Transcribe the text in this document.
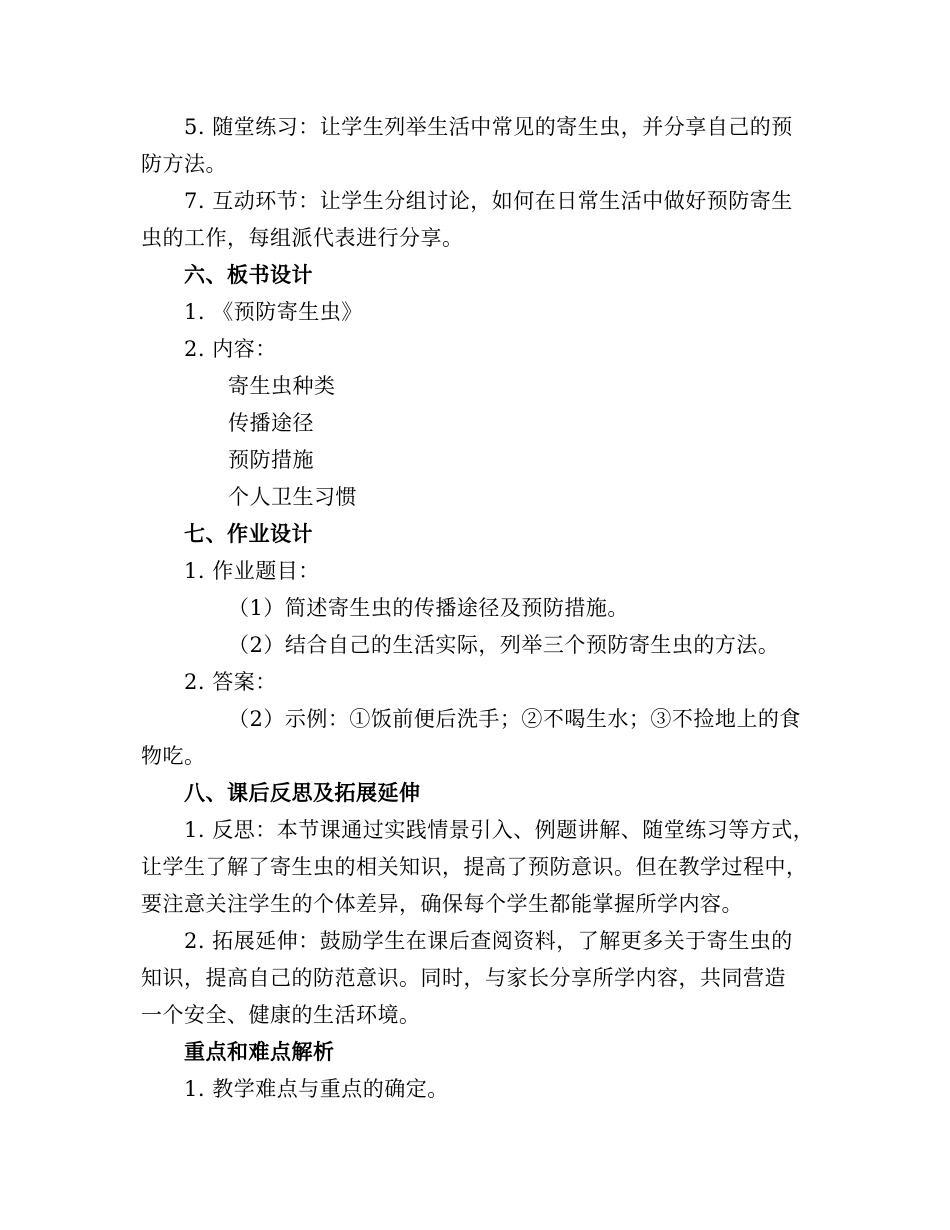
5. 随堂练习：让学生列举生活中常见的寄生虫，并分享自己的预
防方法。
7. 互动环节：让学生分组讨论，如何在日常生活中做好预防寄生
虫的工作，每组派代表进行分享。
六、板书设计
1. 《预防寄生虫》
2. 内容：
寄生虫种类
传播途径
预防措施
个人卫生习惯
七、作业设计
1. 作业题目：
（1）简述寄生虫的传播途径及预防措施。
（2）结合自己的生活实际，列举三个预防寄生虫的方法。
2. 答案：
（2）示例：①饭前便后洗手；②不喝生水；③不捡地上的食
物吃。
八、课后反思及拓展延伸
1. 反思：本节课通过实践情景引入、例题讲解、随堂练习等方式，
让学生了解了寄生虫的相关知识，提高了预防意识。但在教学过程中，
要注意关注学生的个体差异，确保每个学生都能掌握所学内容。
2. 拓展延伸：鼓励学生在课后查阅资料，了解更多关于寄生虫的
知识，提高自己的防范意识。同时，与家长分享所学内容，共同营造
一个安全、健康的生活环境。
重点和难点解析
1. 教学难点与重点的确定。
